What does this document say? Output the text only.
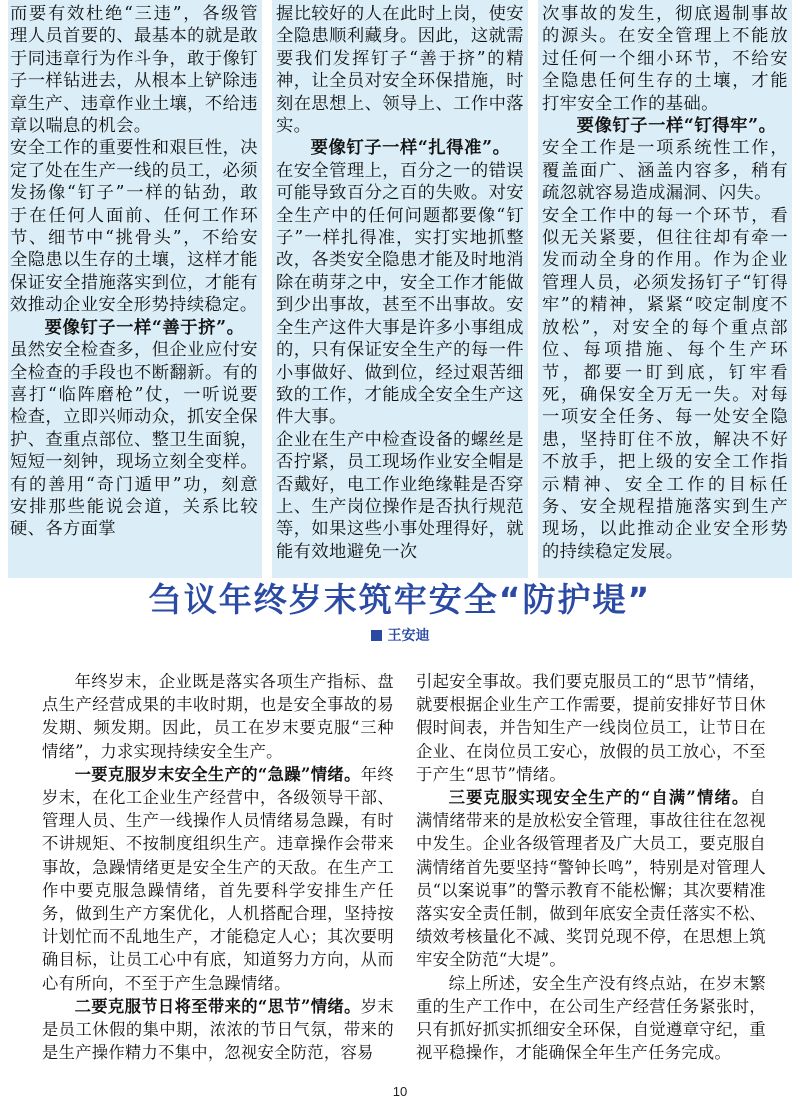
而要有效杜绝“三违”，各级管理人员首要的、最基本的就是敢于同违章行为作斗争，敢于像钉子一样钻进去，从根本上铲除违章生产、违章作业土壤，不给违章以喘息的机会。

安全工作的重要性和艰巨性，决定了处在生产一线的员工，必须发扬像“钉子”一样的钻劲，敢于在任何人面前、任何工作环节、细节中“挑骨头”，不给安全隐患以生存的土壤，这样才能保证安全措施落实到位，才能有效推动企业安全形势持续稳定。

要像钉子一样“善于挤”。

虽然安全检查多，但企业应付安全检查的手段也不断翻新。有的喜打“临阵磨枪”仗，一听说要检查，立即兴师动众，抓安全保护、查重点部位、整卫生面貌，短短一刻钟，现场立刻全变样。有的善用“奇门遁甲”功，刻意安排那些能说会道，关系比较硬、各方面掌

握比较好的人在此时上岗，使安全隐患顺利藏身。因此，这就需要我们发挥钉子“善于挤”的精神，让全员对安全环保措施，时刻在思想上、领导上、工作中落实。

要像钉子一样“扎得准”。

在安全管理上，百分之一的错误可能导致百分之百的失败。对安全生产中的任何问题都要像“钉子”一样扎得准，实打实地抓整改，各类安全隐患才能及时地消除在萌芽之中，安全工作才能做到少出事故，甚至不出事故。安全生产这件大事是许多小事组成的，只有保证安全生产的每一件小事做好、做到位，经过艰苦细致的工作，才能成全安全生产这件大事。

企业在生产中检查设备的螺丝是否拧紧，员工现场作业安全帽是否戴好，电工作业绝缘鞋是否穿上、生产岗位操作是否执行规范等，如果这些小事处理得好，就能有效地避免一次

次事故的发生，彻底遏制事故的源头。在安全管理上不能放过任何一个细小环节，不给安全隐患任何生存的土壤，才能打牢安全工作的基础。

要像钉子一样“钉得牢”。

安全工作是一项系统性工作，覆盖面广、涵盖内容多，稍有疏忽就容易造成漏洞、闪失。

安全工作中的每一个环节，看似无关紧要，但往往却有牵一发而动全身的作用。作为企业管理人员，必须发扬钉子“钉得牢”的精神，紧紧“咬定制度不放松”，对安全的每个重点部位、每项措施、每个生产环节，都要一盯到底，钉牢看死，确保安全万无一失。对每一项安全任务、每一处安全隐患，坚持盯住不放，解决不好不放手，把上级的安全工作指示精神、安全工作的目标任务、安全规程措施落实到生产现场，以此推动企业安全形势的持续稳定发展。

刍议年终岁末筑牢安全“防护堤”
王安迪

年终岁末，企业既是落实各项生产指标、盘点生产经营成果的丰收时期，也是安全事故的易发期、频发期。因此，员工在岁末要克服“三种情绪”，力求实现持续安全生产。

一要克服岁末安全生产的“急躁”情绪。年终岁末，在化工企业生产经营中，各级领导干部、管理人员、生产一线操作人员情绪易急躁，有时不讲规矩、不按制度组织生产。违章操作会带来事故，急躁情绪更是安全生产的天敌。在生产工作中要克服急躁情绪，首先要科学安排生产任务，做到生产方案优化，人机搭配合理，坚持按计划忙而不乱地生产，才能稳定人心；其次要明确目标，让员工心中有底，知道努力方向，从而心有所向，不至于产生急躁情绪。

二要克服节日将至带来的“思节”情绪。岁末是员工休假的集中期，浓浓的节日气氛，带来的是生产操作精力不集中，忽视安全防范，容易

引起安全事故。我们要克服员工的“思节”情绪，就要根据企业生产工作需要，提前安排好节日休假时间表，并告知生产一线岗位员工，让节日在企业、在岗位员工安心，放假的员工放心，不至于产生“思节”情绪。

三要克服实现安全生产的“自满”情绪。自满情绪带来的是放松安全管理，事故往往在忽视中发生。企业各级管理者及广大员工，要克服自满情绪首先要坚持“警钟长鸣”，特别是对管理人员“以案说事”的警示教育不能松懈；其次要精准落实安全责任制，做到年底安全责任落实不松、绩效考核量化不减、奖罚兑现不停，在思想上筑牢安全防范“大堤”。

综上所述，安全生产没有终点站，在岁末繁重的生产工作中，在公司生产经营任务紧张时，只有抓好抓实抓细安全环保，自觉遵章守纪，重视平稳操作，才能确保全年生产任务完成。

10
